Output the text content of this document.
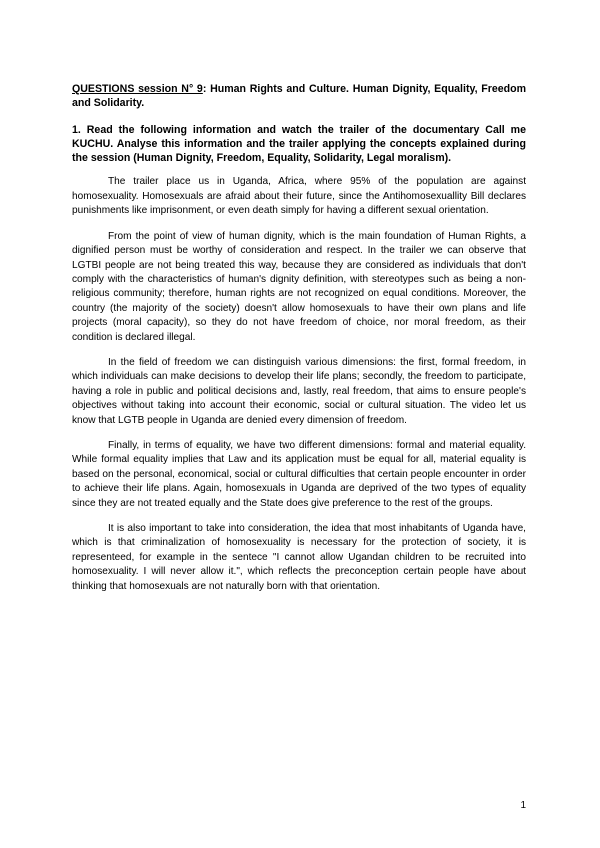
QUESTIONS session N° 9: Human Rights and Culture. Human Dignity, Equality, Freedom and Solidarity.

1. Read the following information and watch the trailer of the documentary Call me KUCHU. Analyse this information and the trailer applying the concepts explained during the session (Human Dignity, Freedom, Equality, Solidarity, Legal moralism).

The trailer place us in Uganda, Africa, where 95% of the population are against homosexuality. Homosexuals are afraid about their future, since the Antihomosexuallity Bill declares punishments like imprisonment, or even death simply for having a different sexual orientation.

From the point of view of human dignity, which is the main foundation of Human Rights, a dignified person must be worthy of consideration and respect. In the trailer we can observe that LGTBI people are not being treated this way, because they are considered as individuals that don't comply with the characteristics of human's dignity definition, with stereotypes such as being a non-religious community; therefore, human rights are not recognized on equal conditions. Moreover, the country (the majority of the society) doesn't allow homosexuals to have their own plans and life projects (moral capacity), so they do not have freedom of choice, nor moral freedom, as their condition is declared illegal.

In the field of freedom we can distinguish various dimensions: the first, formal freedom, in which individuals can make decisions to develop their life plans; secondly, the freedom to participate, having a role in public and political decisions and, lastly, real freedom, that aims to ensure people's objectives without taking into account their economic, social or cultural situation. The video let us know that LGTB people in Uganda are denied every dimension of freedom.

Finally, in terms of equality, we have two different dimensions: formal and material equality. While formal equality implies that Law and its application must be equal for all, material equality is based on the personal, economical, social or cultural difficulties that certain people encounter in order to achieve their life plans. Again, homosexuals in Uganda are deprived of the two types of equality since they are not treated equally and the State does give preference to the rest of the groups.

It is also important to take into consideration, the idea that most inhabitants of Uganda have, which is that criminalization of homosexuality is necessary for the protection of society, it is representeed, for example in the sentece "I cannot allow Ugandan children to be recruited into homosexuality. I will never allow it.", which reflects the preconception certain people have about thinking that homosexuals are not naturally born with that orientation.

1
